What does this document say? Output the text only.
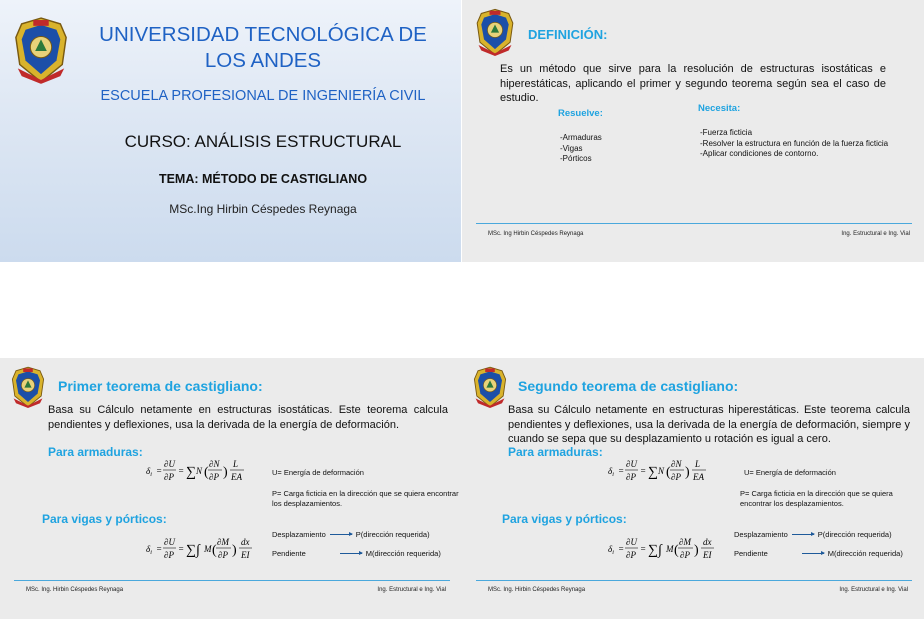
UNIVERSIDAD TECNOLÓGICA DE LOS ANDES
ESCUELA PROFESIONAL DE INGENIERÍA CIVIL
CURSO: ANÁLISIS ESTRUCTURAL
TEMA: MÉTODO DE CASTIGLIANO
MSc.Ing Hirbin Céspedes Reynaga
DEFINICIÓN:
Es un método que sirve para la resolución de estructuras isostáticas e hiperestáticas, aplicando el primer y segundo teorema según sea el caso de estudio.
Resuelve:
-Armaduras
-Vigas
-Pórticos
Necesita:
-Fuerza ficticia
-Resolver la estructura en función de la fuerza ficticia
-Aplicar condiciones de contorno.
MSc. Ing Hirbin Céspedes Reynaga	Ing. Estructural e Ing. Vial
Primer teorema de castigliano:
Basa su Cálculo netamente en estructuras isostáticas. Este teorema calcula pendientes y deflexiones, usa la derivada de la energía de deformación.
Para armaduras:
$\delta_i$ =
∂U
∂P
= ∑ N (
∂N
∂P )
L
EA	U= Energía de deformación
P= Carga ficticia en la dirección que se quiera encontrar los desplazamientos.
Para vigas y pórticos:
$\delta_i$ =
∂U
∂P
= ∑∫ M (
∂M
∂P )
dx
EI
Desplazamiento	P(dirección requerida)
Pendiente	M(dirección requerida)
MSc. Ing. Hirbin Céspedes Reynaga	Ing. Estructural e Ing. Vial
Segundo teorema de castigliano:
Basa su Cálculo netamente en estructuras hiperestáticas. Este teorema calcula pendientes y deflexiones, usa la derivada de la energía de deformación, siempre y cuando se sepa que su desplazamiento u rotación es igual a cero.
Para armaduras:
$\delta_i$ =
∂U
∂P
= ∑ N (
∂N
∂P )
L
EA	U= Energía de deformación
P= Carga ficticia en la dirección que se quiera encontrar los desplazamientos.
Para vigas y pórticos:
$\delta_i$ =
∂U
∂P
= ∑∫ M (
∂M
∂P )
dx
EI
Desplazamiento	P(dirección requerida)
Pendiente	M(dirección requerida)
MSc. Ing. Hirbin Céspedes Reynaga	Ing. Estructural e Ing. Vial
